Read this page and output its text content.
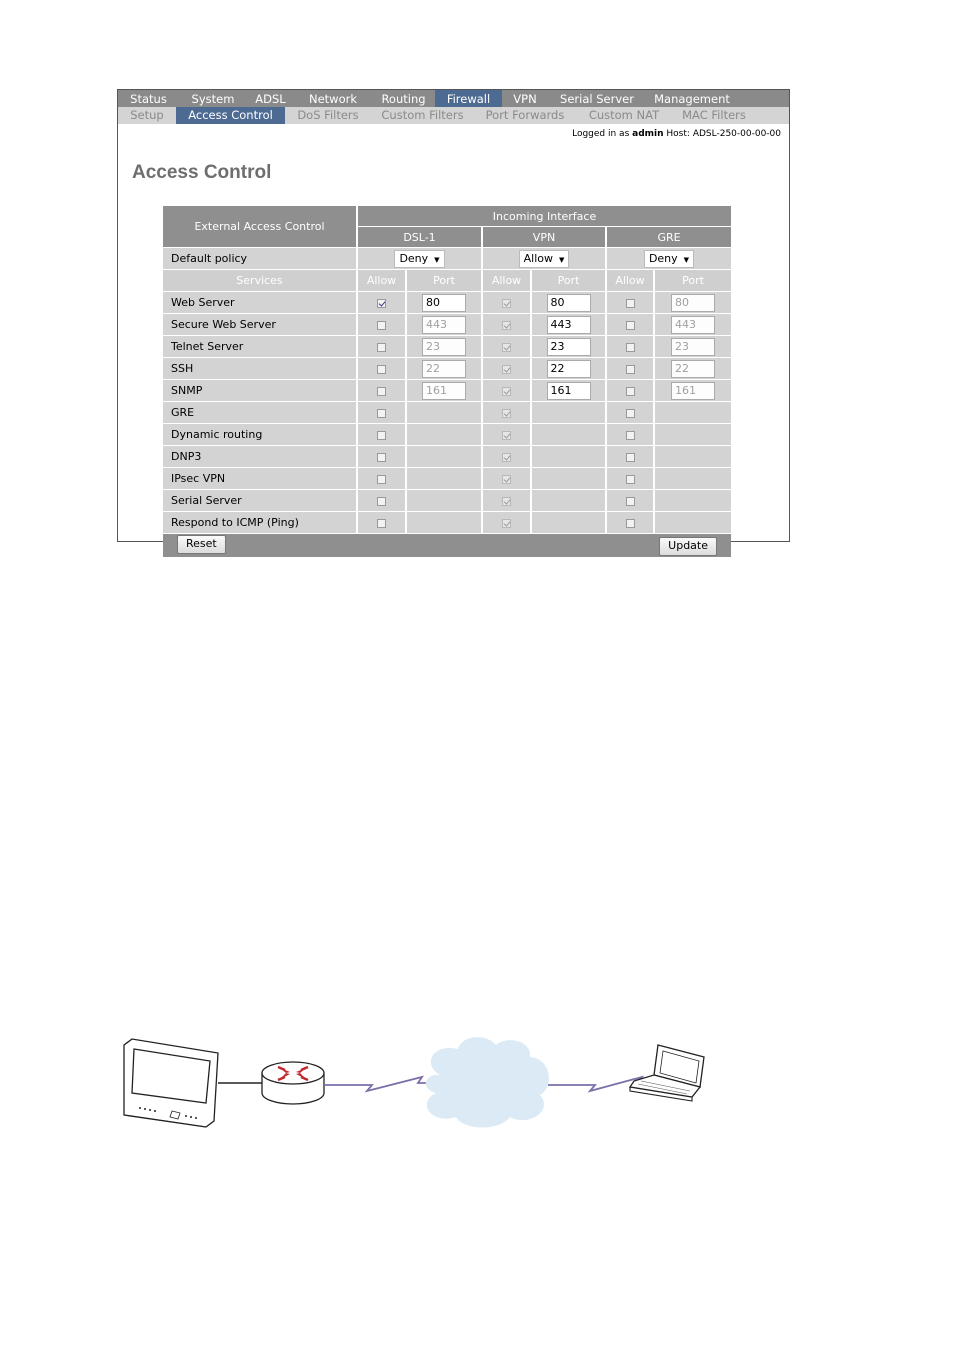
Status	System	ADSL	Network	Routing	Firewall	VPN	Serial Server	Management
Setup	Access Control	DoS Filters	Custom Filters	Port Forwards	Custom NAT	MAC Filters
Logged in as admin Host: ADSL-250-00-00-00
Access Control
External Access Control	Incoming Interface					
	DSL-1		VPN		GRE	
Default policy	Deny ▼		Allow ▼		Deny ▼	
Services	Allow	Port	Allow	Port	Allow	Port
Web Server		80		80		80
Secure Web Server		443		443		443
Telnet Server		23		23		23
SSH		22		22		22
SNMP		161		161		161
GRE						
Dynamic routing						
DNP3						
IPsec VPN						
Serial Server						
Respond to ICMP (Ping)						
Reset Update						
